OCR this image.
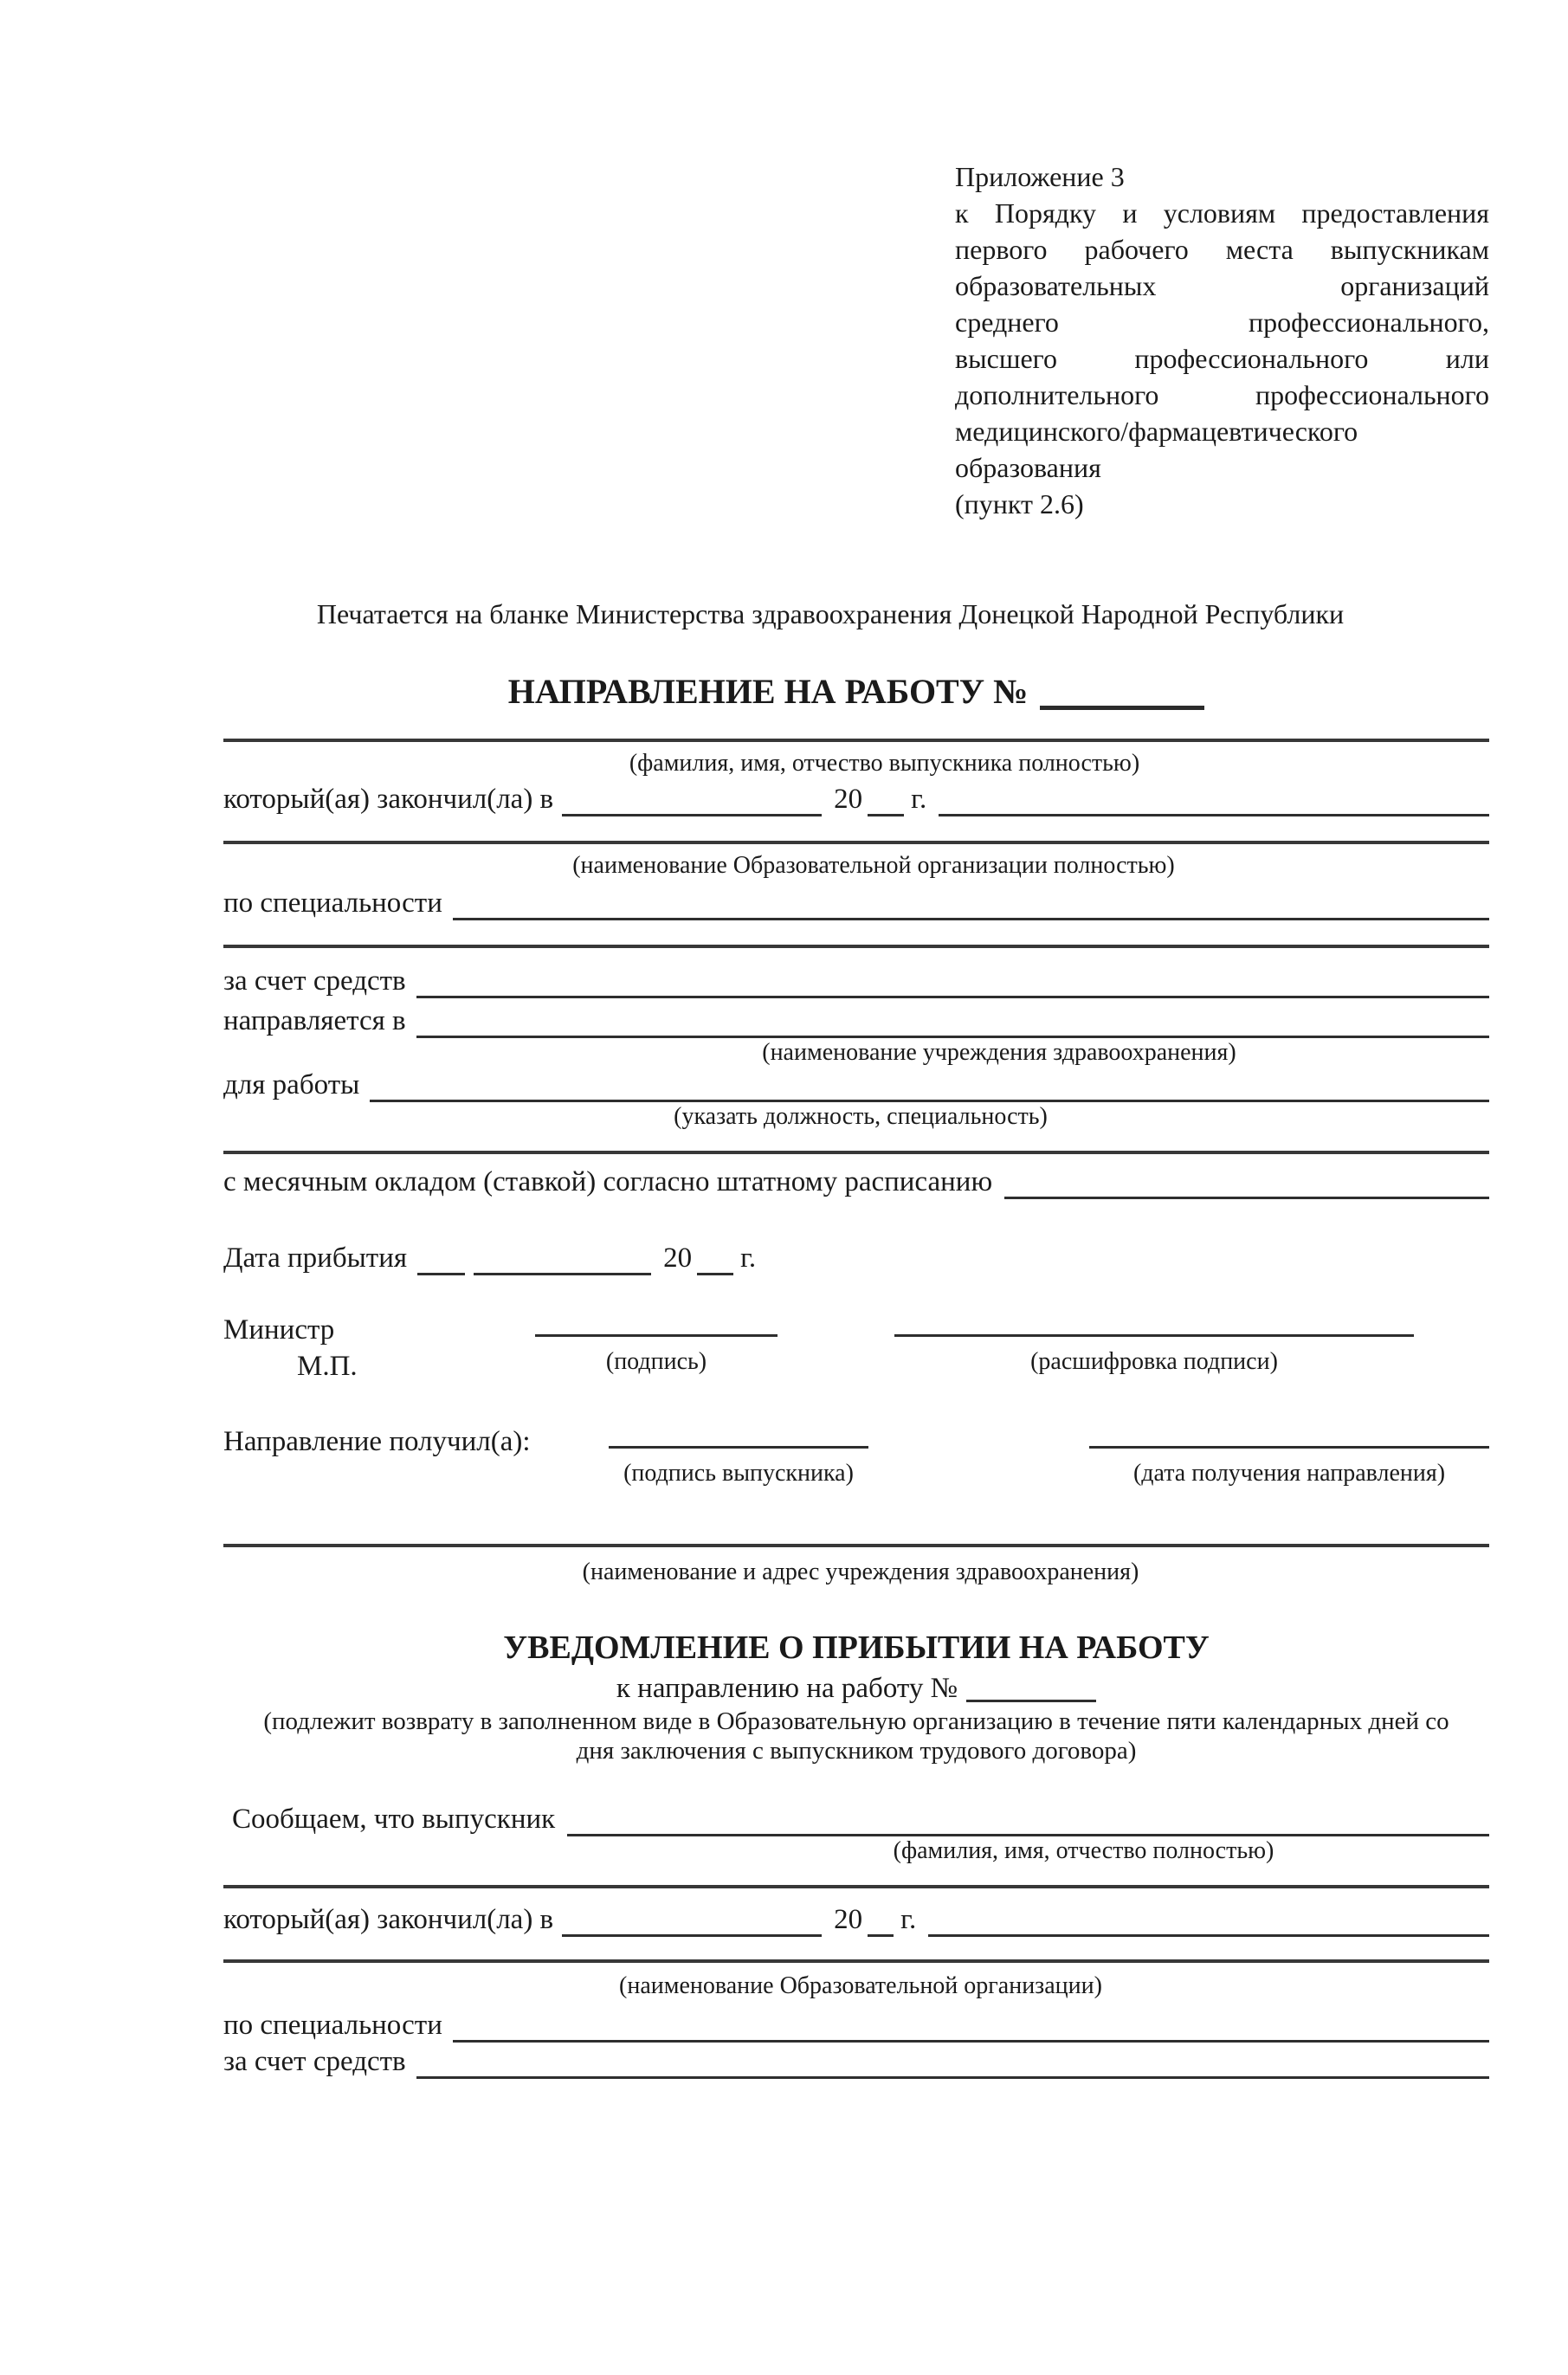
Приложение 3
к Порядку и условиям предоставления
первого рабочего места выпускникам
образовательных организаций
среднего профессионального,
высшего профессионального или
дополнительного профессионального
медицинского/фармацевтического
образования
(пункт 2.6)
Печатается на бланке Министерства здравоохранения Донецкой Народной Республики
НАПРАВЛЕНИЕ НА РАБОТУ №
(фамилия, имя, отчество выпускника полностью)
который(ая) закончил(ла) в	20 г.
(наименование Образовательной организации полностью)
по специальности
за счет средств
направляется в
(наименование учреждения здравоохранения)
для работы
(указать должность, специальность)
с месячным окладом (ставкой) согласно штатному расписанию
Дата прибытия	20 г.
Министр
М.П.	(подпись)	(расшифровка подписи)
Направление получил(а):
(подпись выпускника)	(дата получения направления)
(наименование и адрес учреждения здравоохранения)
УВЕДОМЛЕНИЕ О ПРИБЫТИИ НА РАБОТУ
к направлению на работу №
(подлежит возврату в заполненном виде в Образовательную организацию в течение пяти календарных дней со
дня заключения с выпускником трудового договора)
Сообщаем, что выпускник
(фамилия, имя, отчество полностью)
который(ая) закончил(ла) в	20 г.
(наименование Образовательной организации)
по специальности
за счет средств
